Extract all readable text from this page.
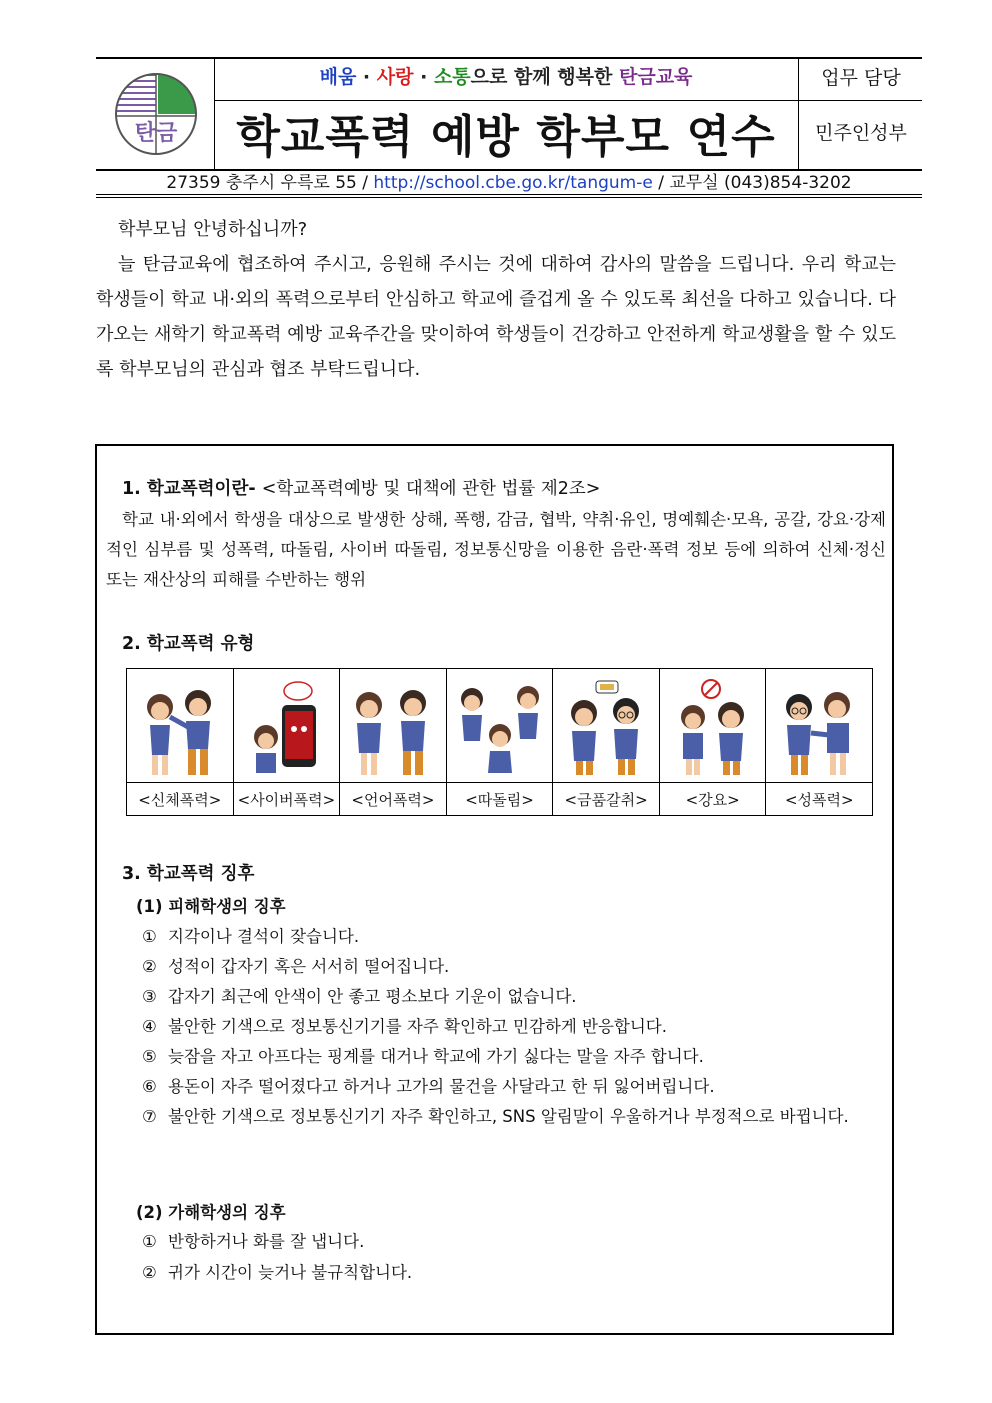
탄금
배움 · 사랑 · 소통으로 함께 행복한 탄금교육
학교폭력 예방 학부모 연수
업무 담당
민주인성부
27359 충주시 우륵로 55 / http://school.cbe.go.kr/tangum-e / 교무실 (043)854-3202
학부모님 안녕하십니까?
늘 탄금교육에 협조하여 주시고, 응원해 주시는 것에 대하여 감사의 말씀을 드립니다. 우리 학교는 학생들이 학교 내·외의 폭력으로부터 안심하고 학교에 즐겁게 올 수 있도록 최선을 다하고 있습니다. 다가오는 새학기 학교폭력 예방 교육주간을 맞이하여 학생들이 건강하고 안전하게 학교생활을 할 수 있도록 학부모님의 관심과 협조 부탁드립니다.
1. 학교폭력이란- <학교폭력예방 및 대책에 관한 법률 제2조>
학교 내·외에서 학생을 대상으로 발생한 상해, 폭행, 감금, 협박, 약취·유인, 명예훼손·모욕, 공갈, 강요·강제적인 심부름 및 성폭력, 따돌림, 사이버 따돌림, 정보통신망을 이용한 음란·폭력 정보 등에 의하여 신체·정신 또는 재산상의 피해를 수반하는 행위
2. 학교폭력 유형
<신체폭력>	<사이버폭력>	<언어폭력>	<따돌림>	<금품갈취>	<강요>	<성폭력>
3. 학교폭력 징후
(1) 피해학생의 징후
① 지각이나 결석이 잦습니다.
② 성적이 갑자기 혹은 서서히 떨어집니다.
③ 갑자기 최근에 안색이 안 좋고 평소보다 기운이 없습니다.
④ 불안한 기색으로 정보통신기기를 자주 확인하고 민감하게 반응합니다.
⑤ 늦잠을 자고 아프다는 핑계를 대거나 학교에 가기 싫다는 말을 자주 합니다.
⑥ 용돈이 자주 떨어졌다고 하거나 고가의 물건을 사달라고 한 뒤 잃어버립니다.
⑦ 불안한 기색으로 정보통신기기 자주 확인하고, SNS 알림말이 우울하거나 부정적으로 바뀝니다.
(2) 가해학생의 징후
① 반항하거나 화를 잘 냅니다.
② 귀가 시간이 늦거나 불규칙합니다.
